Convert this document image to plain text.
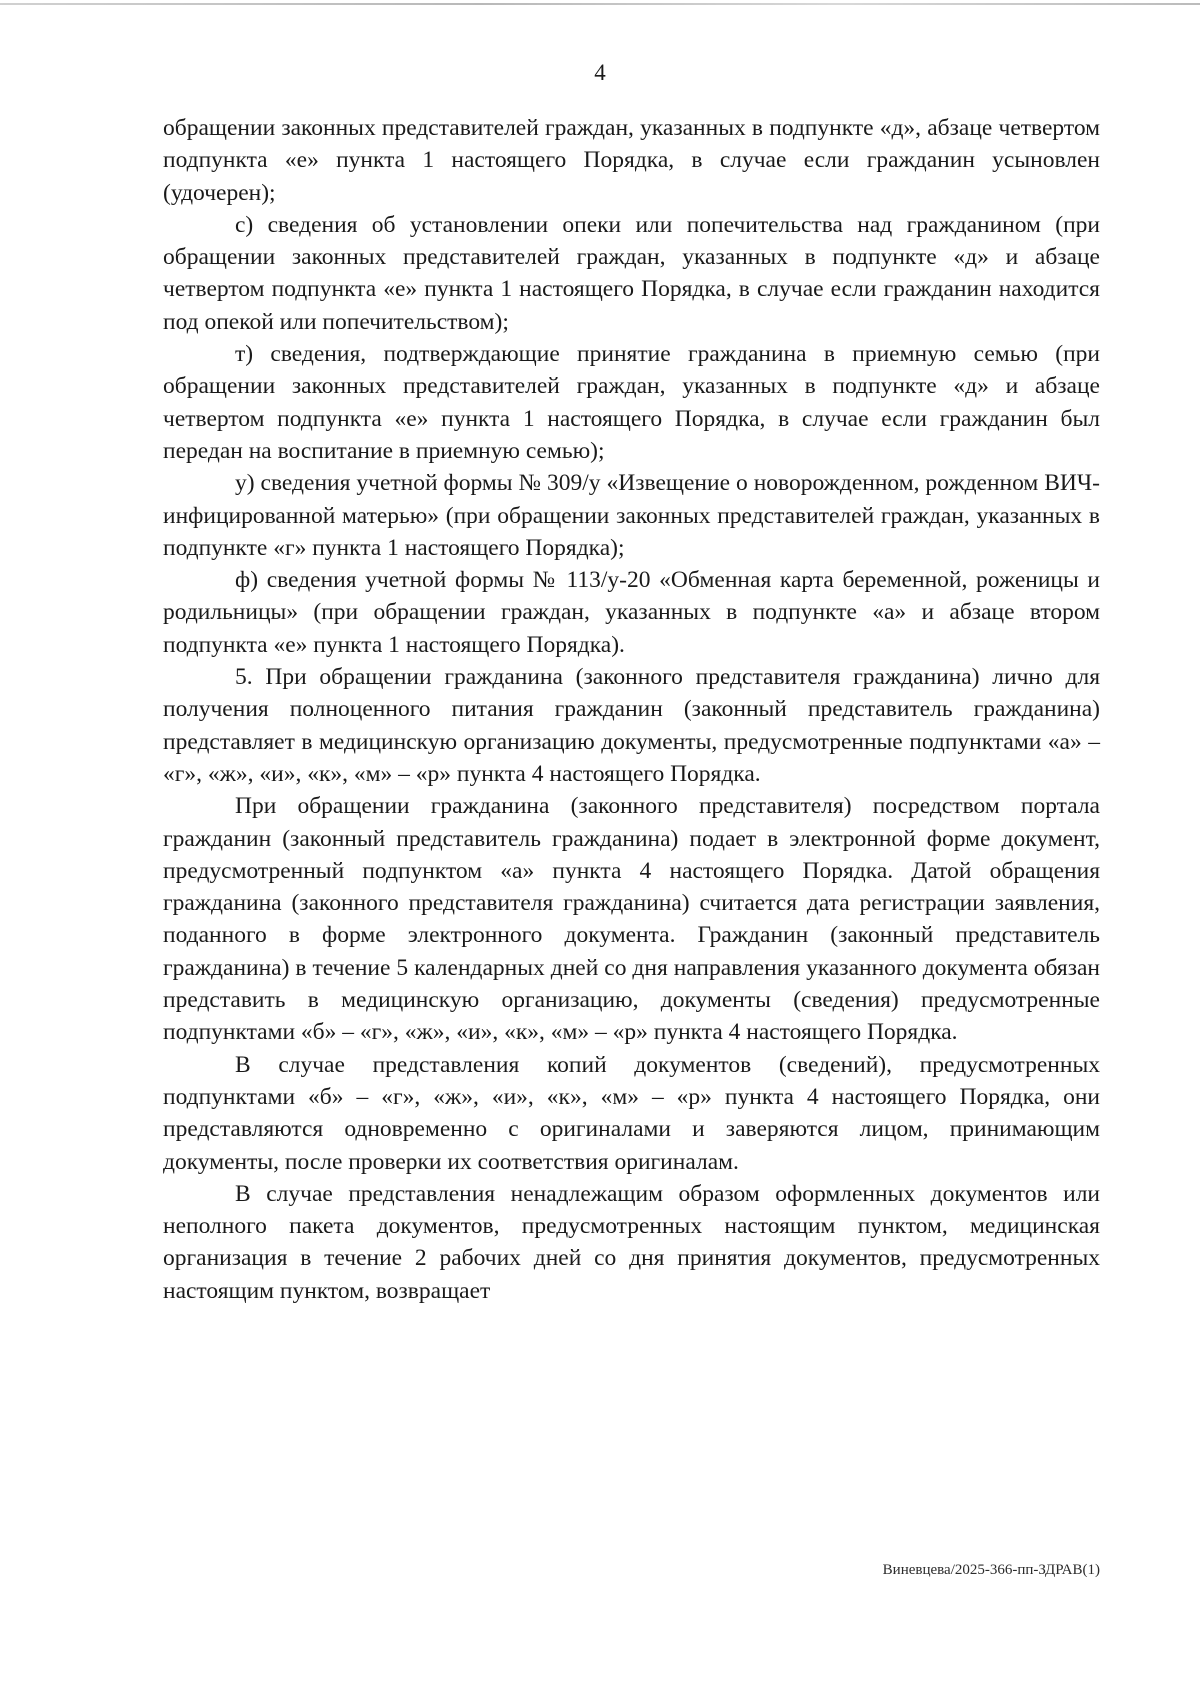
4

обращении законных представителей граждан, указанных в подпункте «д», абзаце четвертом подпункта «е» пункта 1 настоящего Порядка, в случае если гражданин усыновлен (удочерен);

с) сведения об установлении опеки или попечительства над гражданином (при обращении законных представителей граждан, указанных в подпункте «д» и абзаце четвертом подпункта «е» пункта 1 настоящего Порядка, в случае если гражданин находится под опекой или попечительством);

т) сведения, подтверждающие принятие гражданина в приемную семью (при обращении законных представителей граждан, указанных в подпункте «д» и абзаце четвертом подпункта «е» пункта 1 настоящего Порядка, в случае если гражданин был передан на воспитание в приемную семью);

у) сведения учетной формы № 309/у «Извещение о новорожденном, рожденном ВИЧ-инфицированной матерью» (при обращении законных представителей граждан, указанных в подпункте «г» пункта 1 настоящего Порядка);

ф) сведения учетной формы № 113/у-20 «Обменная карта беременной, роженицы и родильницы» (при обращении граждан, указанных в подпункте «а» и абзаце втором подпункта «е» пункта 1 настоящего Порядка).

5. При обращении гражданина (законного представителя гражданина) лично для получения полноценного питания гражданин (законный представитель гражданина) представляет в медицинскую организацию документы, предусмотренные подпунктами «а» – «г», «ж», «и», «к», «м» – «р» пункта 4 настоящего Порядка.

При обращении гражданина (законного представителя) посредством портала гражданин (законный представитель гражданина) подает в электронной форме документ, предусмотренный подпунктом «а» пункта 4 настоящего Порядка. Датой обращения гражданина (законного представителя гражданина) считается дата регистрации заявления, поданного в форме электронного документа. Гражданин (законный представитель гражданина) в течение 5 календарных дней со дня направления указанного документа обязан представить в медицинскую организацию, документы (сведения) предусмотренные подпунктами «б» – «г», «ж», «и», «к», «м» – «р» пункта 4 настоящего Порядка.

В случае представления копий документов (сведений), предусмотренных подпунктами «б» – «г», «ж», «и», «к», «м» – «р» пункта 4 настоящего Порядка, они представляются одновременно с оригиналами и заверяются лицом, принимающим документы, после проверки их соответствия оригиналам.

В случае представления ненадлежащим образом оформленных документов или неполного пакета документов, предусмотренных настоящим пунктом, медицинская организация в течение 2 рабочих дней со дня принятия документов, предусмотренных настоящим пунктом, возвращает

Виневцева/2025-366-пп-ЗДРАВ(1)
